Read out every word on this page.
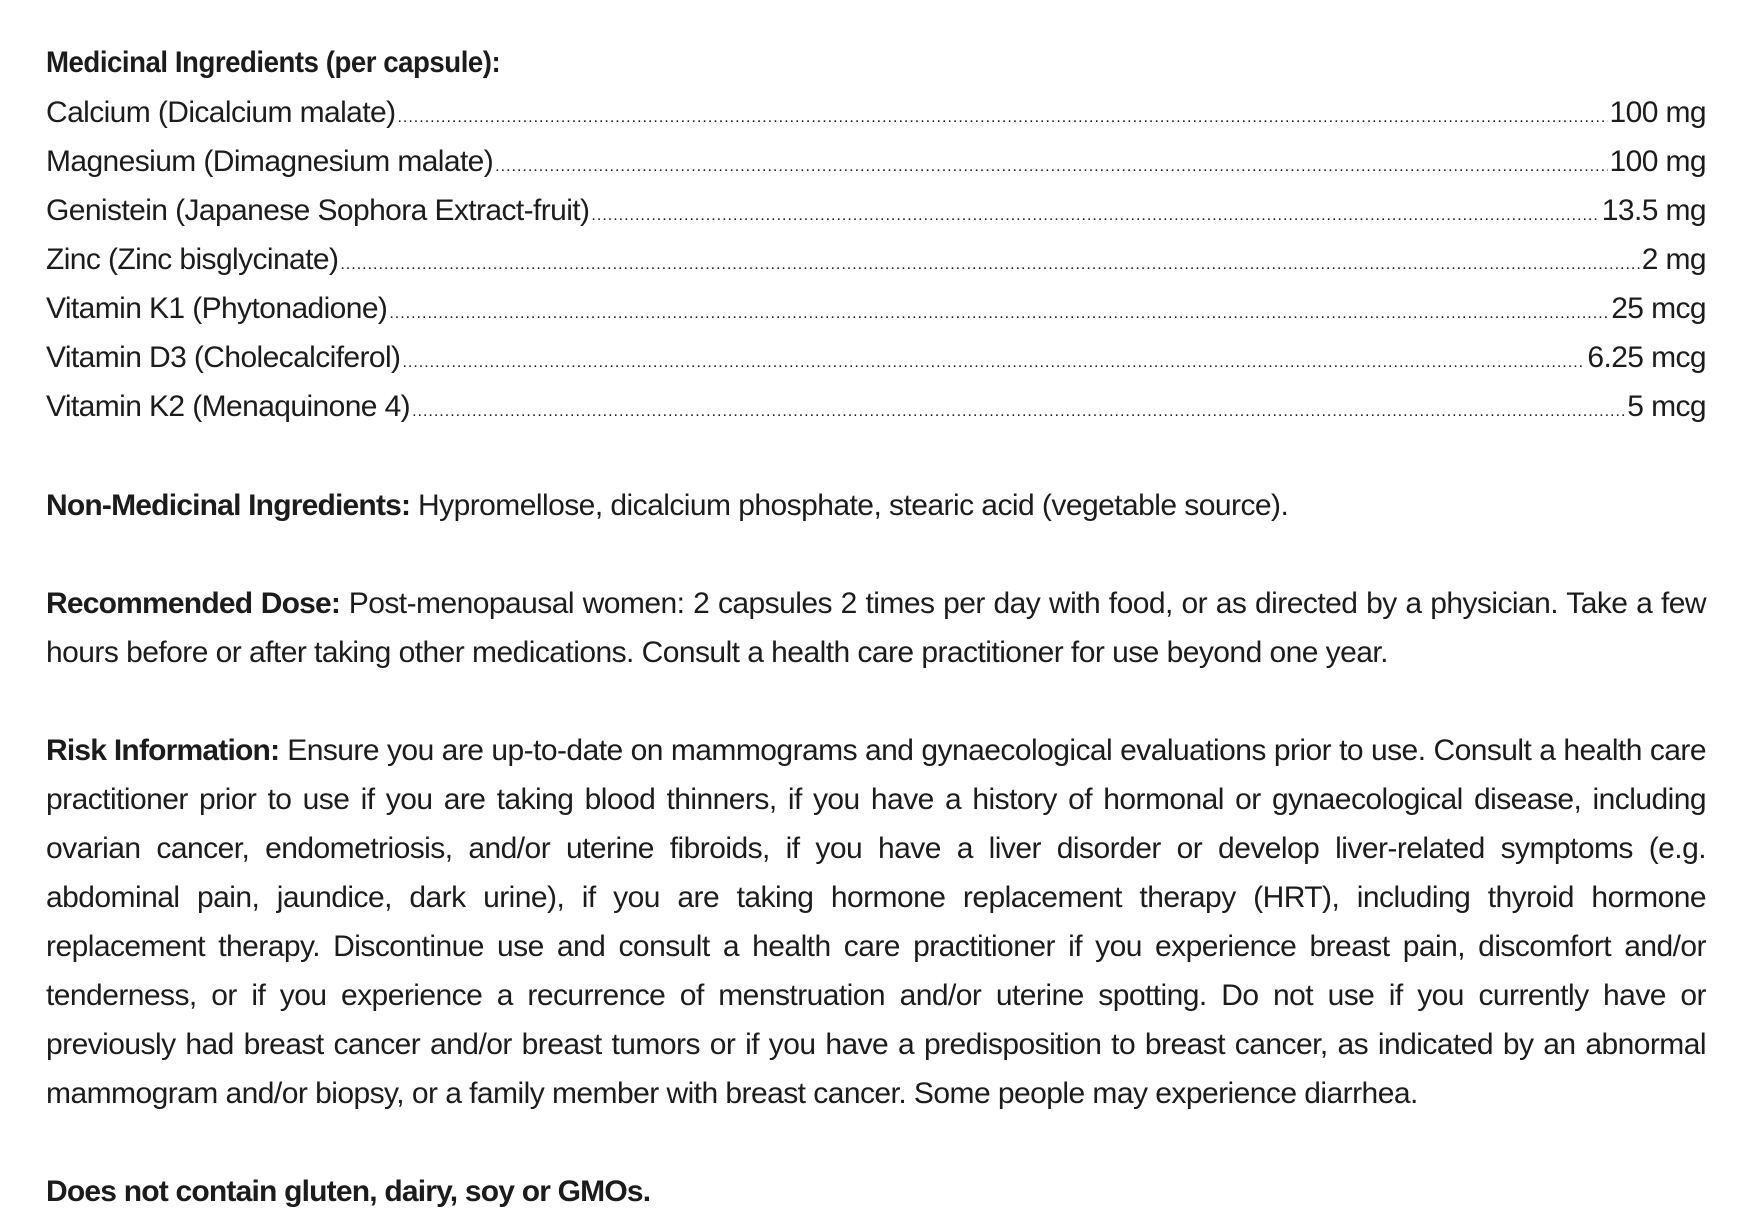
Medicinal Ingredients (per capsule):
Calcium (Dicalcium malate) .....	100 mg
Magnesium (Dimagnesium malate) .....	100 mg
Genistein (Japanese Sophora Extract-fruit) .....	13.5 mg
Zinc (Zinc bisglycinate) .....	2 mg
Vitamin K1 (Phytonadione) .....	25 mcg
Vitamin D3 (Cholecalciferol) .....	6.25 mcg
Vitamin K2 (Menaquinone 4) .....	5 mcg

Non-Medicinal Ingredients: Hypromellose, dicalcium phosphate, stearic acid (vegetable source).

Recommended Dose: Post-menopausal women: 2 capsules 2 times per day with food, or as directed by a physician. Take a few hours before or after taking other medications. Consult a health care practitioner for use beyond one year.

Risk Information: Ensure you are up-to-date on mammograms and gynaecological evaluations prior to use. Consult a health care practitioner prior to use if you are taking blood thinners, if you have a history of hormonal or gynaecological disease, including ovarian cancer, endometriosis, and/or uterine fibroids, if you have a liver disorder or develop liver-related symptoms (e.g. abdominal pain, jaundice, dark urine), if you are taking hormone replacement therapy (HRT), including thyroid hormone replacement therapy. Discontinue use and consult a health care practitioner if you experience breast pain, discomfort and/or tenderness, or if you experience a recurrence of menstruation and/or uterine spotting. Do not use if you currently have or previously had breast cancer and/or breast tumors or if you have a predisposition to breast cancer, as indicated by an abnormal mammogram and/or biopsy, or a family member with breast cancer. Some people may experience diarrhea.

Does not contain gluten, dairy, soy or GMOs.
